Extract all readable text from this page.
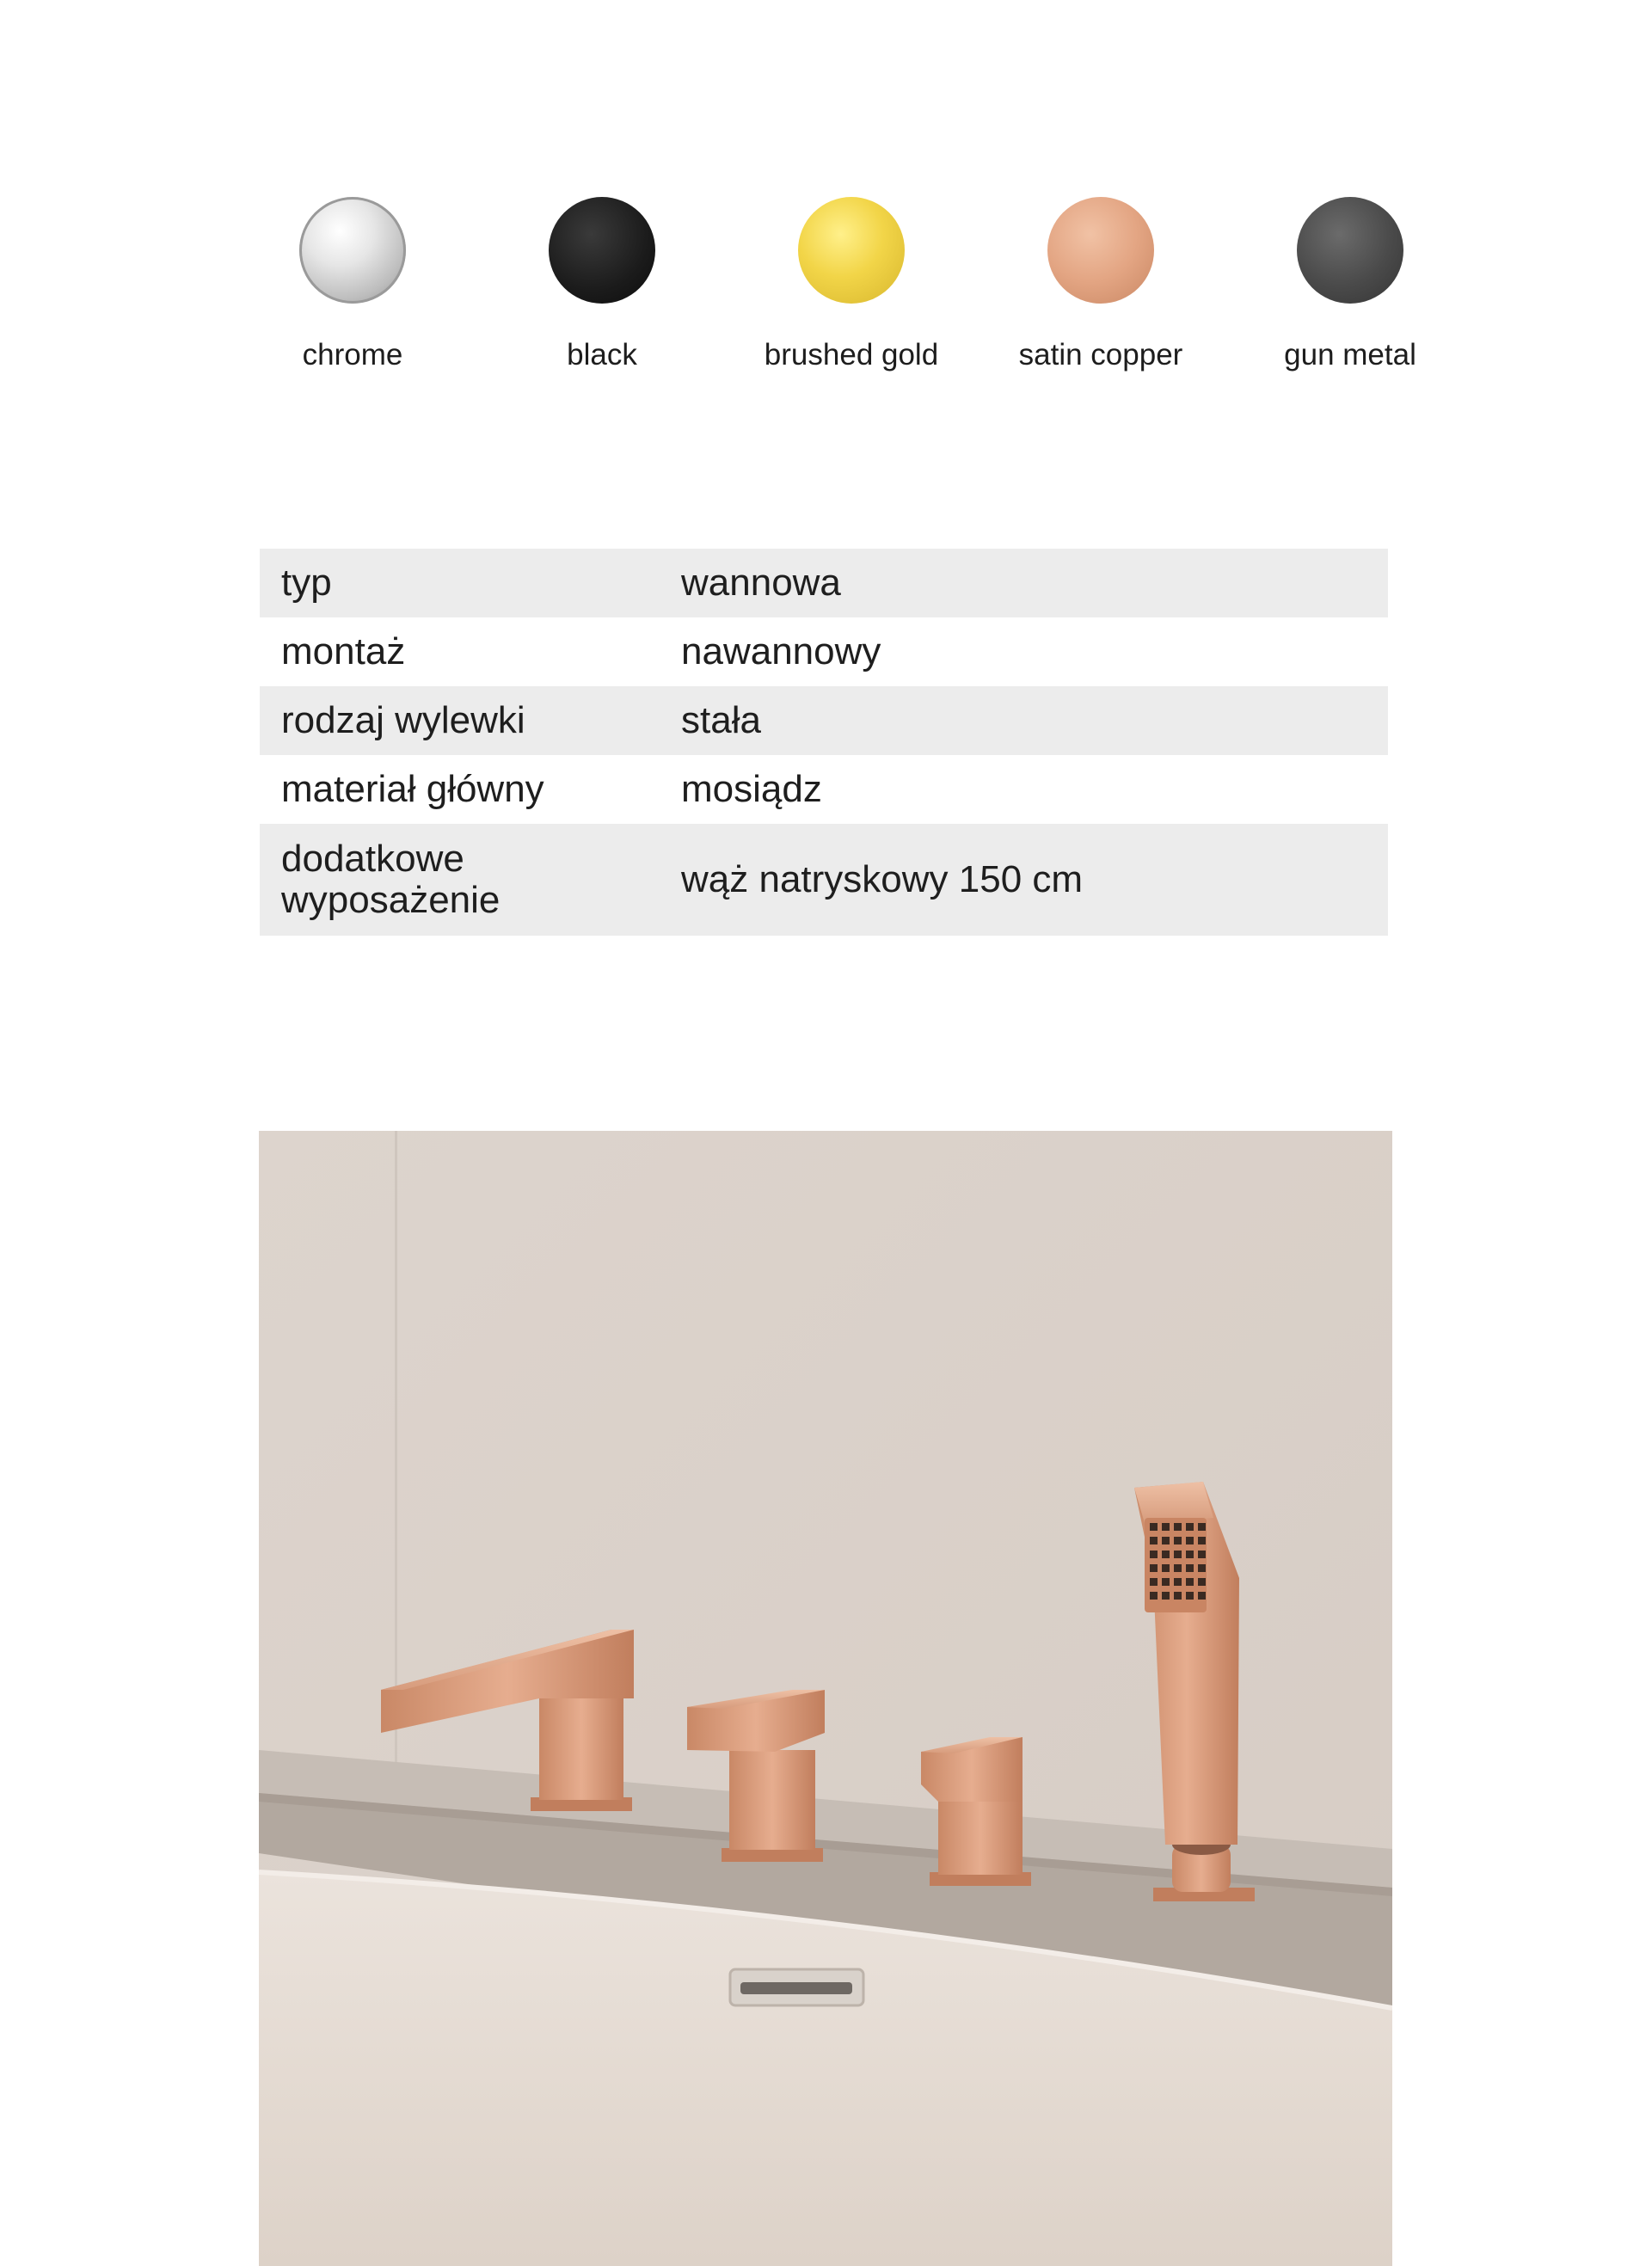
chrome	black	brushed gold	satin copper	gun metal
typ	wannowa
montaż	nawannowy
rodzaj wylewki	stała
materiał główny	mosiądz
dodatkowe wyposażenie	wąż natryskowy 150 cm
